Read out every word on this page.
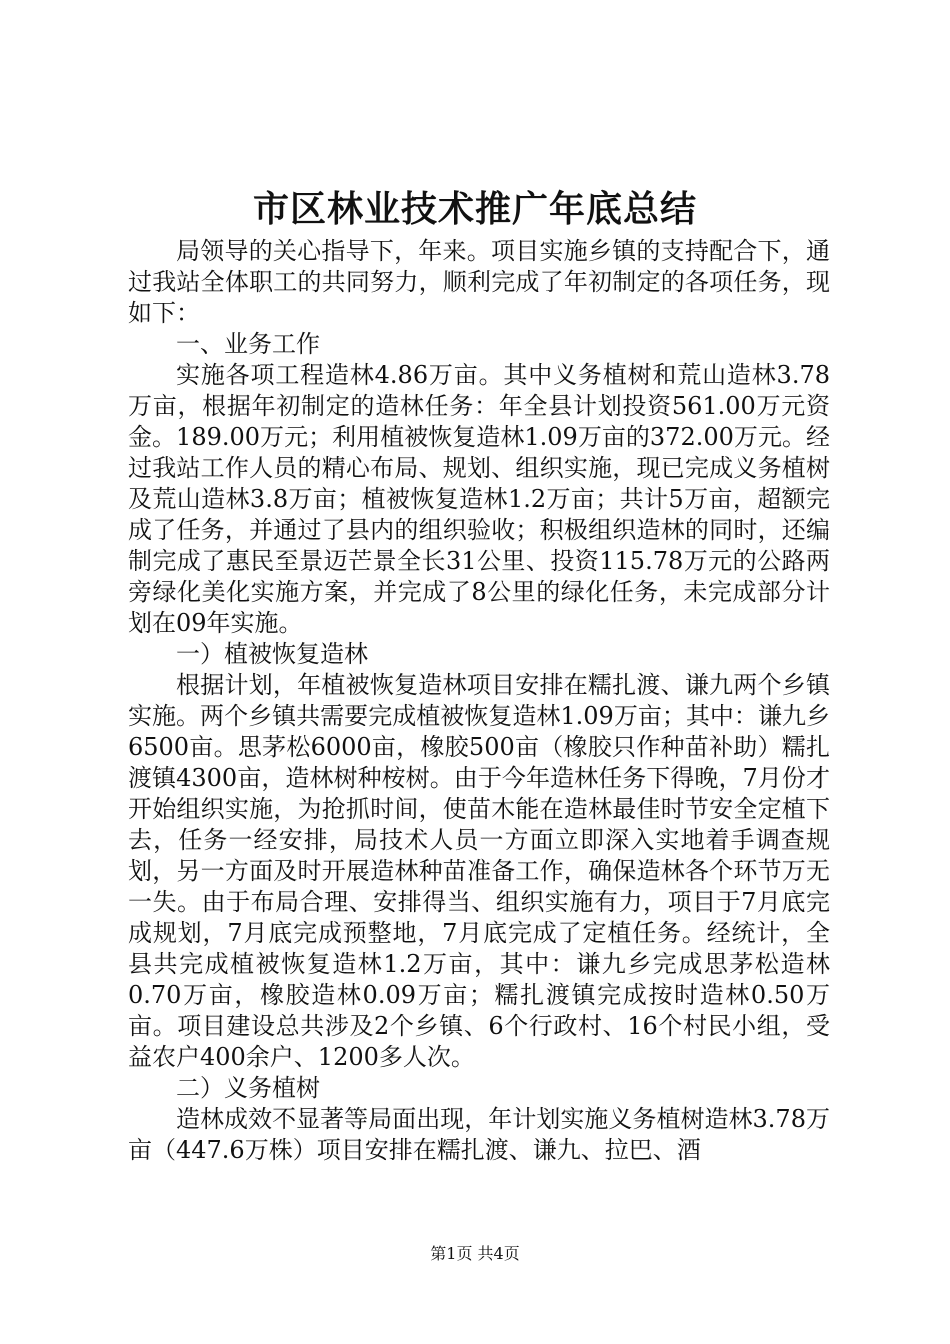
市区林业技术推广年底总结

局领导的关心指导下，年来。项目实施乡镇的支持配合下，通过我站全体职工的共同努力，顺利完成了年初制定的各项任务，现如下：

一、业务工作

实施各项工程造林4.86万亩。其中义务植树和荒山造林3.78万亩，根据年初制定的造林任务：年全县计划投资561.00万元资金。189.00万元；利用植被恢复造林1.09万亩的372.00万元。经过我站工作人员的精心布局、规划、组织实施，现已完成义务植树及荒山造林3.8万亩；植被恢复造林1.2万亩；共计5万亩，超额完成了任务，并通过了县内的组织验收；积极组织造林的同时，还编制完成了惠民至景迈芒景全长31公里、投资115.78万元的公路两旁绿化美化实施方案，并完成了8公里的绿化任务，未完成部分计划在09年实施。

一）植被恢复造林

根据计划，年植被恢复造林项目安排在糯扎渡、谦九两个乡镇实施。两个乡镇共需要完成植被恢复造林1.09万亩；其中：谦九乡6500亩。思茅松6000亩，橡胶500亩（橡胶只作种苗补助）糯扎渡镇4300亩，造林树种桉树。由于今年造林任务下得晚，7月份才开始组织实施，为抢抓时间，使苗木能在造林最佳时节安全定植下去，任务一经安排，局技术人员一方面立即深入实地着手调查规划，另一方面及时开展造林种苗准备工作，确保造林各个环节万无一失。由于布局合理、安排得当、组织实施有力，项目于7月底完成规划，7月底完成预整地，7月底完成了定植任务。经统计，全县共完成植被恢复造林1.2万亩，其中：谦九乡完成思茅松造林0.70万亩，橡胶造林0.09万亩；糯扎渡镇完成按时造林0.50万亩。项目建设总共涉及2个乡镇、6个行政村、16个村民小组，受益农户400余户、1200多人次。

二）义务植树

造林成效不显著等局面出现，年计划实施义务植树造林3.78万亩（447.6万株）项目安排在糯扎渡、谦九、拉巴、酒

第1页 共4页
